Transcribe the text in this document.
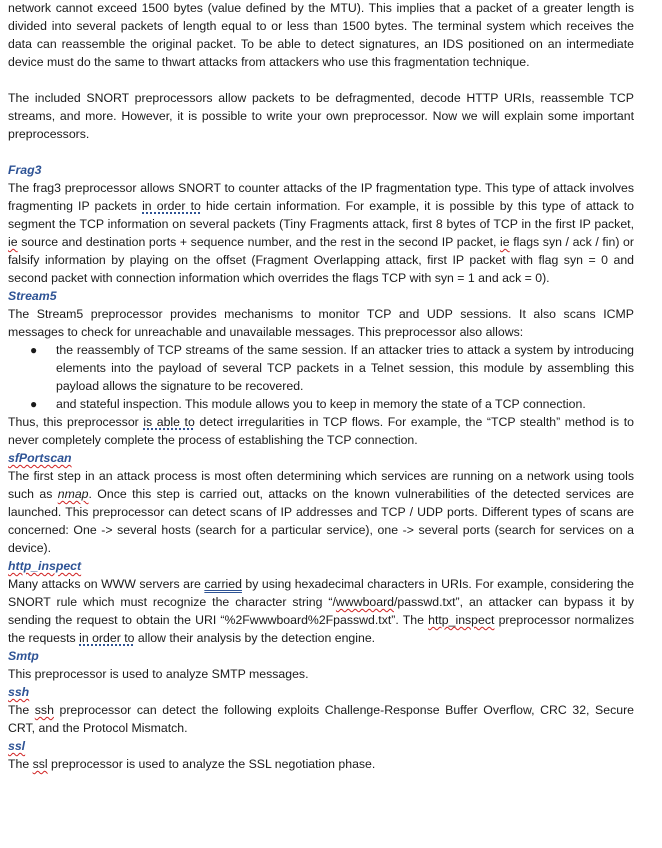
network cannot exceed 1500 bytes (value defined by the MTU). This implies that a packet of a greater length is divided into several packets of length equal to or less than 1500 bytes. The terminal system which receives the data can reassemble the original packet. To be able to detect signatures, an IDS positioned on an intermediate device must do the same to thwart attacks from attackers who use this fragmentation technique.

The included SNORT preprocessors allow packets to be defragmented, decode HTTP URIs, reassemble TCP streams, and more. However, it is possible to write your own preprocessor. Now we will explain some important preprocessors.

Frag3

The frag3 preprocessor allows SNORT to counter attacks of the IP fragmentation type. This type of attack involves fragmenting IP packets in order to hide certain information. For example, it is possible by this type of attack to segment the TCP information on several packets (Tiny Fragments attack, first 8 bytes of TCP in the first IP packet, ie source and destination ports + sequence number, and the rest in the second IP packet, ie flags syn / ack / fin) or falsify information by playing on the offset (Fragment Overlapping attack, first IP packet with flag syn = 0 and second packet with connection information which overrides the flags TCP with syn = 1 and ack = 0).

Stream5

The Stream5 preprocessor provides mechanisms to monitor TCP and UDP sessions. It also scans ICMP messages to check for unreachable and unavailable messages. This preprocessor also allows:

● the reassembly of TCP streams of the same session. If an attacker tries to attack a system by introducing elements into the payload of several TCP packets in a Telnet session, this module by assembling this payload allows the signature to be recovered.
● and stateful inspection. This module allows you to keep in memory the state of a TCP connection.

Thus, this preprocessor is able to detect irregularities in TCP flows. For example, the “TCP stealth” method is to never completely complete the process of establishing the TCP connection.

sfPortscan

The first step in an attack process is most often determining which services are running on a network using tools such as nmap. Once this step is carried out, attacks on the known vulnerabilities of the detected services are launched. This preprocessor can detect scans of IP addresses and TCP / UDP ports. Different types of scans are concerned: One -> several hosts (search for a particular service), one -> several ports (search for services on a device).

http_inspect

Many attacks on WWW servers are carried by using hexadecimal characters in URIs. For example, considering the SNORT rule which must recognize the character string “/wwwboard/passwd.txt”, an attacker can bypass it by sending the request to obtain the URI “%2Fwwwboard%2Fpasswd.txt”. The http_inspect preprocessor normalizes the requests in order to allow their analysis by the detection engine.

Smtp

This preprocessor is used to analyze SMTP messages.

ssh

The ssh preprocessor can detect the following exploits Challenge-Response Buffer Overflow, CRC 32, Secure CRT, and the Protocol Mismatch.

ssl

The ssl preprocessor is used to analyze the SSL negotiation phase.
